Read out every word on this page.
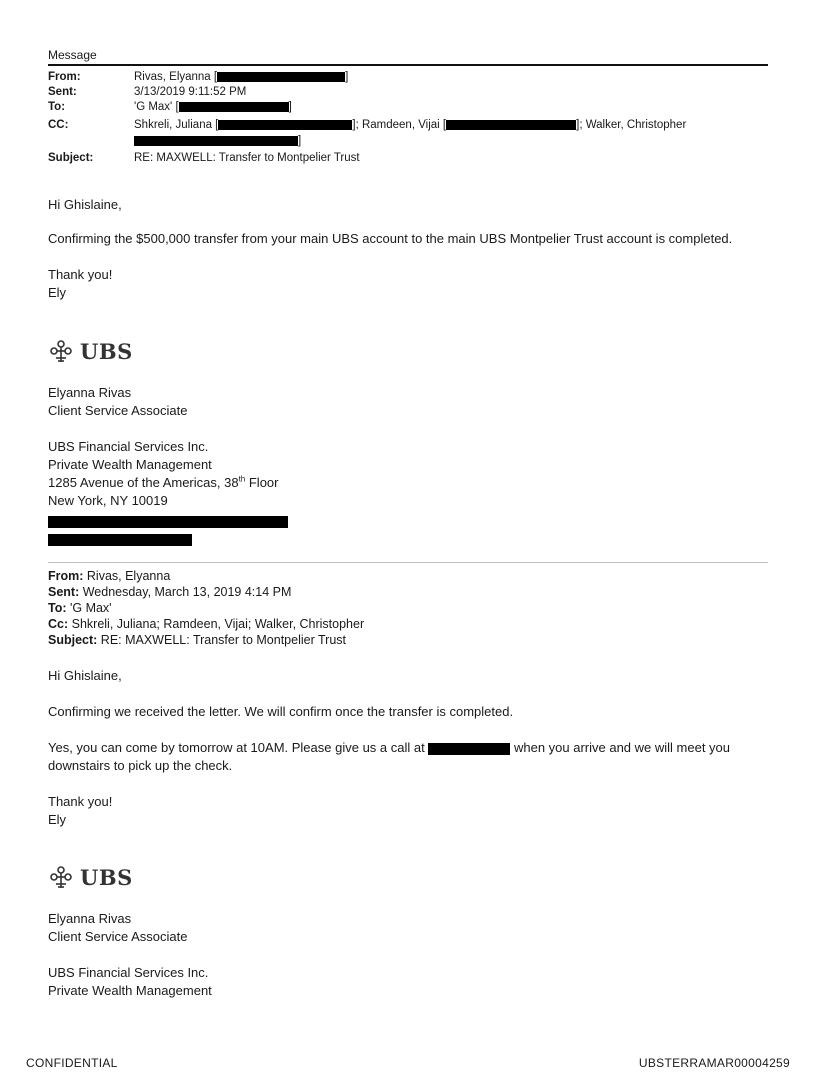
Message
From:	Rivas, Elyanna [	]
Sent:	3/13/2019 9:11:52 PM
To:	'G Max' [	]
CC:	Shkreli, Juliana [	]; Ramdeen, Vijai [	]; Walker, Christopher
]
Subject:	RE: MAXWELL: Transfer to Montpelier Trust
Hi Ghislaine,
Confirming the $500,000 transfer from your main UBS account to the main UBS Montpelier Trust account is completed.
Thank you!
Ely
UBS
Elyanna Rivas
Client Service Associate
UBS Financial Services Inc.
Private Wealth Management
1285 Avenue of the Americas, 38th Floor
New York, NY 10019
From: Rivas, Elyanna
Sent: Wednesday, March 13, 2019 4:14 PM
To: 'G Max'
Cc: Shkreli, Juliana; Ramdeen, Vijai; Walker, Christopher
Subject: RE: MAXWELL: Transfer to Montpelier Trust
Hi Ghislaine,
Confirming we received the letter. We will confirm once the transfer is completed.
Yes, you can come by tomorrow at 10AM. Please give us a call at	when you arrive and we will meet you
downstairs to pick up the check.
Thank you!
Ely
UBS
Elyanna Rivas
Client Service Associate
UBS Financial Services Inc.
Private Wealth Management
CONFIDENTIAL	UBSTERRAMAR00004259
